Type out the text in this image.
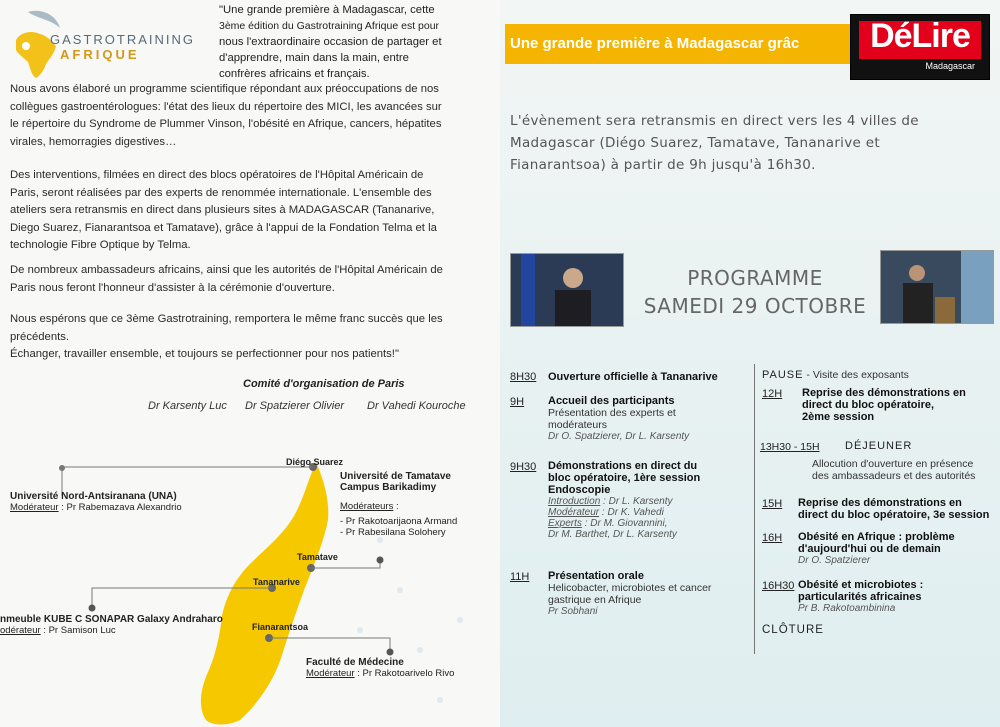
GASTROTRAINING
AFRIQUE
"Une grande première à Madagascar, cette
3ème édition du Gastrotraining Afrique est pour
nous l'extraordinaire occasion de partager et
d'apprendre, main dans la main, entre
confrères africains et français.
Nous avons élaboré un programme scientifique répondant aux préoccupations de nos
collègues gastroentérologues: l'état des lieux du répertoire des MICI, les avancées sur
le répertoire du Syndrome de Plummer Vinson, l'obésité en Afrique, cancers, hépatites
virales, hemorragies digestives…
Des interventions, filmées en direct des blocs opératoires de l'Hôpital Américain de
Paris, seront réalisées par des experts de renommée internationale. L'ensemble des
ateliers sera retransmis en direct dans plusieurs sites à MADAGASCAR (Tananarive,
Diego Suarez, Fianarantsoa et Tamatave), grâce à l'appui de la Fondation Telma et la
technologie Fibre Optique by Telma.
De nombreux ambassadeurs africains, ainsi que les autorités de l'Hôpital Américain de
Paris nous feront l'honneur d'assister à la cérémonie d'ouverture.
Nous espérons que ce 3ème Gastrotraining, remportera le même franc succès que les
précédents.
Échanger, travailler ensemble, et toujours se perfectionner pour nos patients!"
Comité d'organisation de Paris
Dr Karsenty Luc Dr Spatzierer Olivier Dr Vahedi Kouroche
Diégo Suarez
Tamatave
Tananarive
Fianarantsoa
Université Nord-Antsiranana (UNA)
Modérateur : Pr Rabemazava Alexandrio
Université de Tamatave
Campus Barikadimy
Modérateurs :
- Pr Rakotoarijaona Armand
- Pr Rabesilana Solohery
nmeuble KUBE C SONAPAR Galaxy Andraharo
odérateur : Pr Samison Luc
Faculté de Médecine
Modérateur : Pr Rakotoarivelo Rivo
Une grande première à Madagascar grâc	DéLire
Madagascar
L'évènement sera retransmis en direct vers les 4 villes de
Madagascar (Diégo Suarez, Tamatave, Tananarive et
Fianarantsoa) à partir de 9h jusqu'à 16h30.
PROGRAMME
SAMEDI 29 OCTOBRE
8H30 Ouverture officielle à Tananarive
9H Accueil des participants
Présentation des experts et
modérateurs
Dr O. Spatzierer, Dr L. Karsenty
9H30 Démonstrations en direct du
bloc opératoire, 1ère session
Endoscopie
Introduction : Dr L. Karsenty
Modérateur : Dr K. Vahedi
Experts : Dr M. Giovannini,
Dr M. Barthet, Dr L. Karsenty
11H Présentation orale
Helicobacter, microbiotes et cancer
gastrique en Afrique
Pr Sobhani
PAUSE - Visite des exposants
12H Reprise des démonstrations en
direct du bloc opératoire,
2ème session
13H30 - 15H DÉJEUNER
Allocution d'ouverture en présence
des ambassadeurs et des autorités
15H Reprise des démonstrations en
direct du bloc opératoire, 3e session
16H Obésité en Afrique : problème
d'aujourd'hui ou de demain
Dr O. Spatzierer
16H30 Obésité et microbiotes :
particularités africaines
Pr B. Rakotoambinina
CLÔTURE
